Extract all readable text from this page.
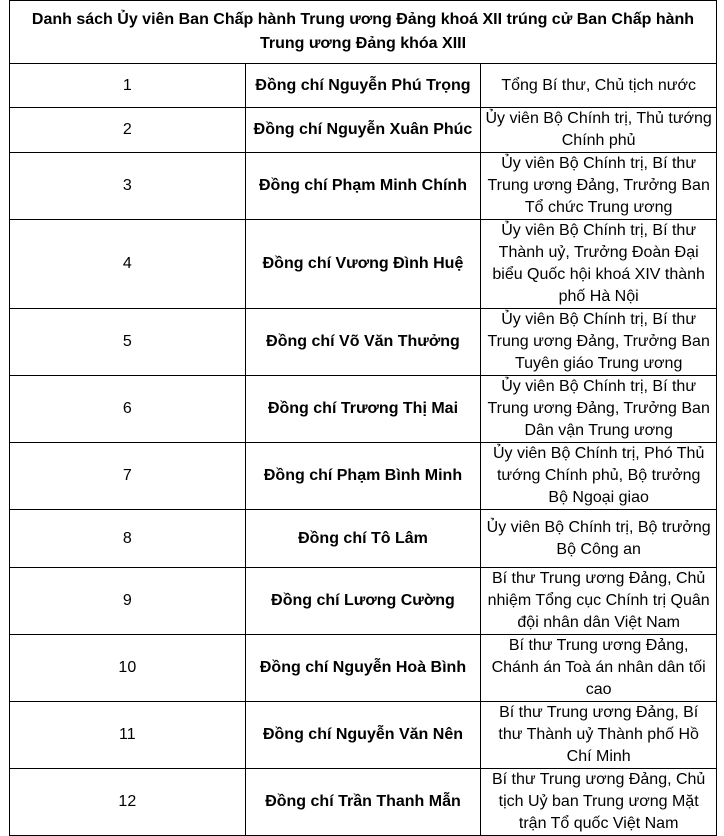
Danh sách Ủy viên Ban Chấp hành Trung ương Đảng khoá XII trúng cử Ban Chấp hành Trung ương Đảng khóa XIII		
1	Đồng chí Nguyễn Phú Trọng	Tổng Bí thư, Chủ tịch nước
2	Đồng chí Nguyễn Xuân Phúc	Ủy viên Bộ Chính trị, Thủ tướng Chính phủ
3	Đồng chí Phạm Minh Chính	Ủy viên Bộ Chính trị, Bí thư Trung ương Đảng, Trưởng Ban Tổ chức Trung ương
4	Đồng chí Vương Đình Huệ	Ủy viên Bộ Chính trị, Bí thư Thành uỷ, Trưởng Đoàn Đại biểu Quốc hội khoá XIV thành phố Hà Nội
5	Đồng chí Võ Văn Thưởng	Ủy viên Bộ Chính trị, Bí thư Trung ương Đảng, Trưởng Ban Tuyên giáo Trung ương
6	Đồng chí Trương Thị Mai	Ủy viên Bộ Chính trị, Bí thư Trung ương Đảng, Trưởng Ban Dân vận Trung ương
7	Đồng chí Phạm Bình Minh	Ủy viên Bộ Chính trị, Phó Thủ tướng Chính phủ, Bộ trưởng Bộ Ngoại giao
8	Đồng chí Tô Lâm	Ủy viên Bộ Chính trị, Bộ trưởng Bộ Công an
9	Đồng chí Lương Cường	Bí thư Trung ương Đảng, Chủ nhiệm Tổng cục Chính trị Quân đội nhân dân Việt Nam
10	Đồng chí Nguyễn Hoà Bình	Bí thư Trung ương Đảng, Chánh án Toà án nhân dân tối cao
11	Đồng chí Nguyễn Văn Nên	Bí thư Trung ương Đảng, Bí thư Thành uỷ Thành phố Hồ Chí Minh
12	Đồng chí Trần Thanh Mẫn	Bí thư Trung ương Đảng, Chủ tịch Uỷ ban Trung ương Mặt trận Tổ quốc Việt Nam
